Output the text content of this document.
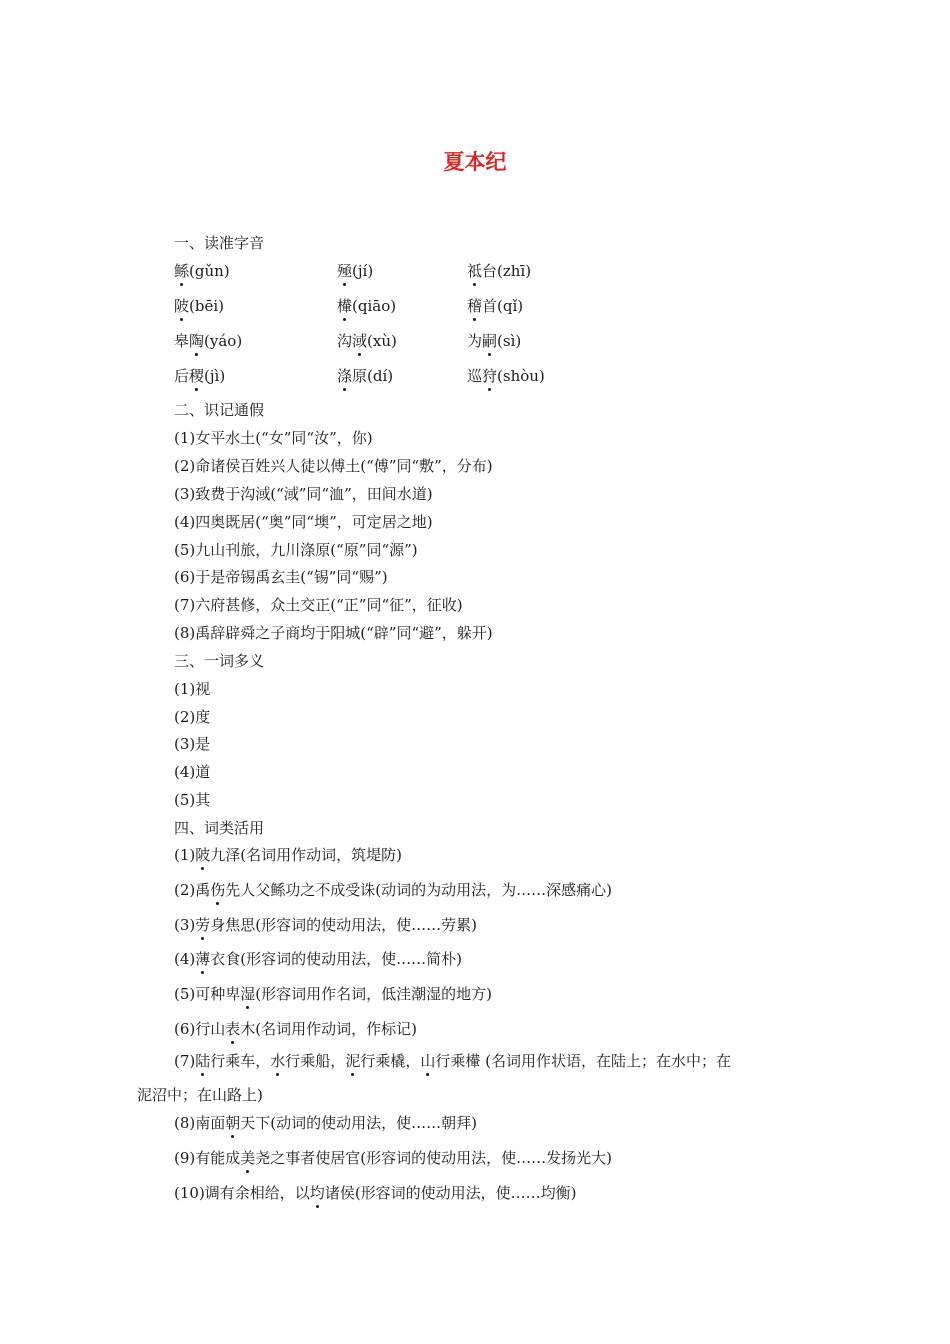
夏本纪
一、读准字音
鲧(gǔn)	殛(jí)	祗台(zhī)
陂(bēi)	檋(qiāo)	稽首(qǐ)
皋陶(yáo)	沟淢(xù)	为嗣(sì)
后稷(jì)	涤原(dí)	巡狩(shòu)
二、识记通假
(1)女平水土(“女”同“汝”，你)
(2)命诸侯百姓兴人徒以傅土(“傅”同“敷”，分布)
(3)致费于沟淢(“淢”同“洫”，田间水道)
(4)四奥既居(“奥”同“墺”，可定居之地)
(5)九山刊旅，九川涤原(“原”同“源”)
(6)于是帝锡禹玄圭(“锡”同“赐”)
(7)六府甚修，众土交正(“正”同“征”，征收)
(8)禹辞辟舜之子商均于阳城(“辟”同“避”，躲开)
三、一词多义
(1)视
(2)度
(3)是
(4)道
(5)其
四、词类活用
(1)陂九泽(名词用作动词，筑堤防)
(2)禹伤先人父鲧功之不成受诛(动词的为动用法，为……深感痛心)
(3)劳身焦思(形容词的使动用法，使……劳累)
(4)薄衣食(形容词的使动用法，使……简朴)
(5)可种卑湿(形容词用作名词，低洼潮湿的地方)
(6)行山表木(名词用作动词，作标记)
(7)陆行乘车，水行乘船，泥行乘橇，山行乘檋 (名词用作状语，在陆上；在水中；在
泥沼中；在山路上)
(8)南面朝天下(动词的使动用法，使……朝拜)
(9)有能成美尧之事者使居官(形容词的使动用法，使……发扬光大)
(10)调有余相给，以均诸侯(形容词的使动用法，使……均衡)
